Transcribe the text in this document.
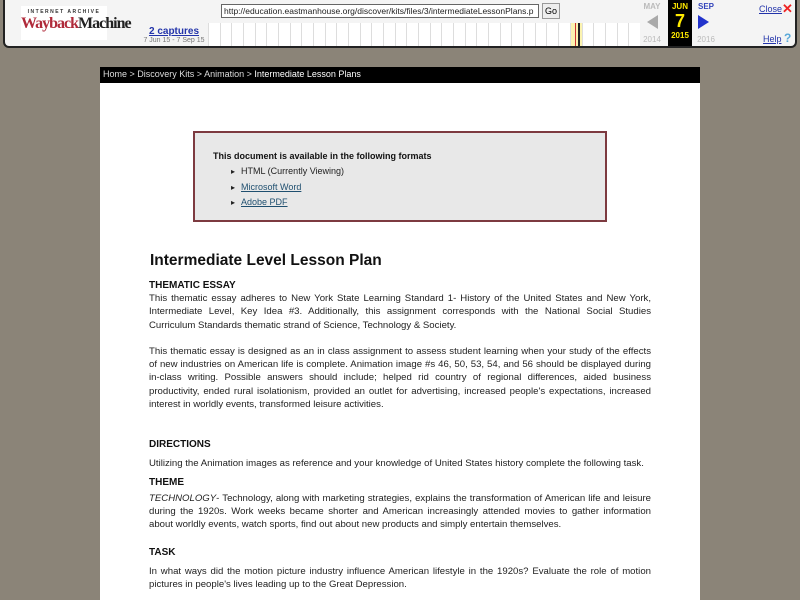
INTERNET ARCHIVE
WaybackMachine	2 captures
7 Jun 15 - 7 Sep 15
http://education.eastmanhouse.org/discover/kits/files/3/intermediateLessonPlans.p	Go	MAY
2014
JUN
7
2015
SEP
2016
Close ✕
Help ?
Home > Discovery Kits > Animation > Intermediate Lesson Plans
This document is available in the following formats
▸ HTML (Currently Viewing)
▸ Microsoft Word
▸ Adobe PDF
Intermediate Level Lesson Plan
THEMATIC ESSAY

This thematic essay adheres to New York State Learning Standard 1- History of the United States and New York, Intermediate Level, Key Idea #3. Additionally, this assignment corresponds with the National Social Studies Curriculum Standards thematic strand of Science, Technology & Society.

This thematic essay is designed as an in class assignment to assess student learning when your study of the effects of new industries on American life is complete. Animation image #s 46, 50, 53, 54, and 56 should be displayed during in-class writing. Possible answers should include; helped rid country of regional differences, aided business productivity, ended rural isolationism, provided an outlet for advertising, increased people's expectations, increased interest in worldly events, transformed leisure activities.

DIRECTIONS

Utilizing the Animation images as reference and your knowledge of United States history complete the following task.

THEME

TECHNOLOGY- Technology, along with marketing strategies, explains the transformation of American life and leisure during the 1920s. Work weeks became shorter and American increasingly attended movies to gather information about worldly events, watch sports, find out about new products and simply entertain themselves.

TASK

In what ways did the motion picture industry influence American lifestyle in the 1920s? Evaluate the role of motion pictures in people's lives leading up to the Great Depression.
